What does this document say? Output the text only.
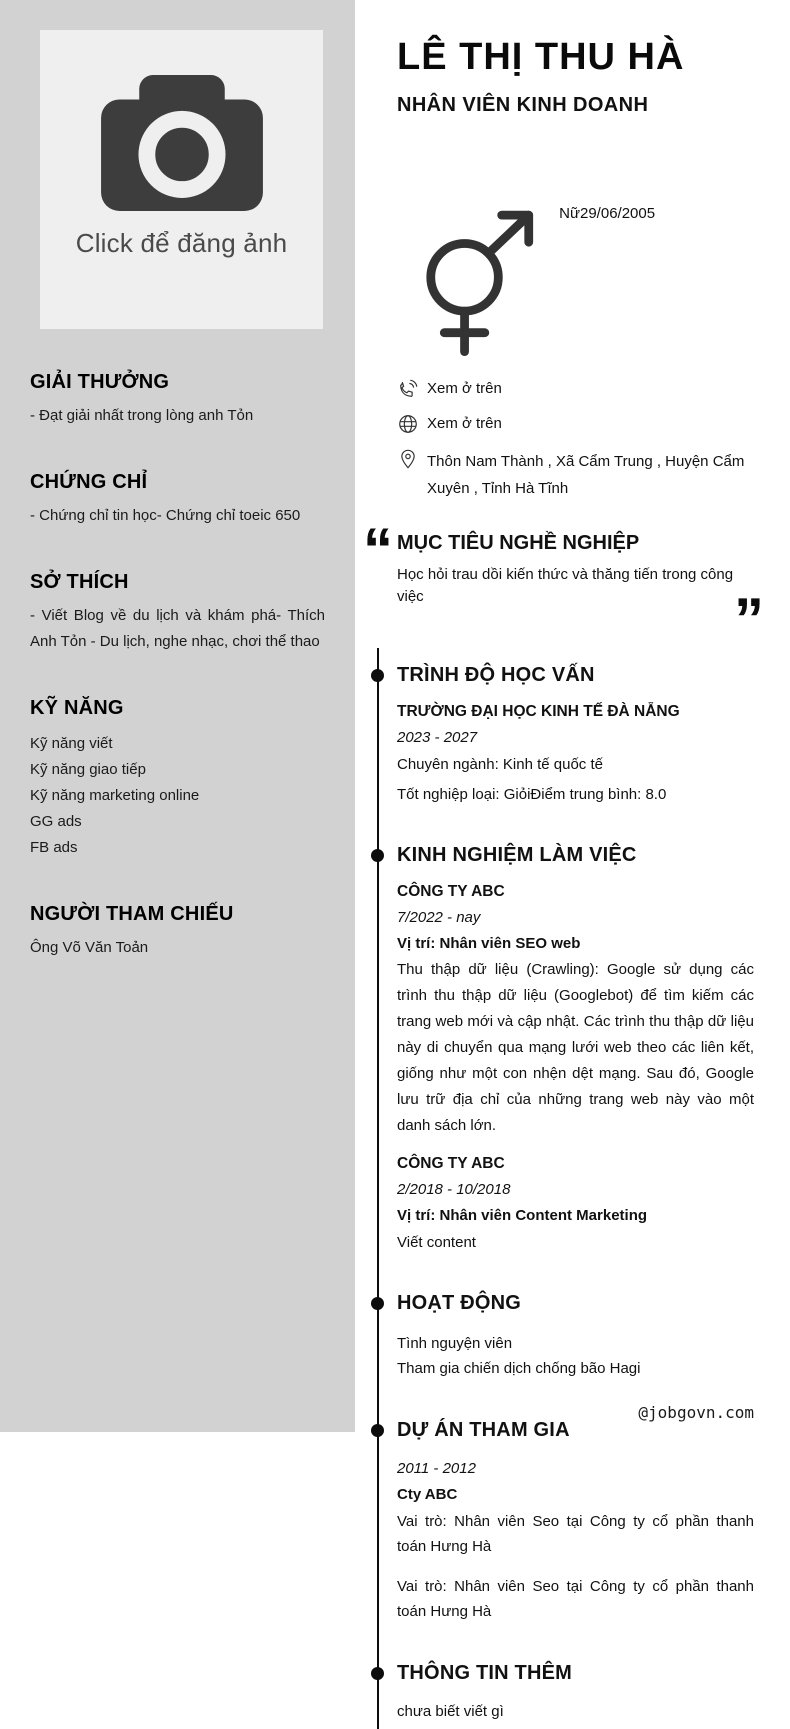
Click để đăng ảnh
GIẢI THƯỞNG

- Đạt giải nhất trong lòng anh Tỏn

CHỨNG CHỈ

- Chứng chỉ tin học- Chứng chỉ toeic 650

SỞ THÍCH

- Viết Blog về du lịch và khám phá- Thích Anh Tỏn - Du lịch, nghe nhạc, chơi thể thao

KỸ NĂNG
Kỹ năng viết
Kỹ năng giao tiếp
Kỹ năng marketing online
GG ads
FB ads
NGƯỜI THAM CHIẾU

Ông Võ Văn Toản

LÊ THỊ THU HÀ
NHÂN VIÊN KINH DOANH
Nữ 29/06/2005
Xem ở trên
Xem ở trên
Thôn Nam Thành , Xã Cẩm Trung , Huyện Cẩm Xuyên , Tỉnh Hà Tĩnh
“ MỤC TIÊU NGHỀ NGHIỆP

Học hỏi trau dồi kiến thức và thăng tiến trong công việc	”
TRÌNH ĐỘ HỌC VẤN
TRƯỜNG ĐẠI HỌC KINH TẾ ĐÀ NẴNG
2023 - 2027
Chuyên ngành: Kinh tế quốc tế
Tốt nghiệp loại: GiỏiĐiểm trung bình: 8.0
KINH NGHIỆM LÀM VIỆC
CÔNG TY ABC
7/2022 - nay
Vị trí: Nhân viên SEO web

Thu thập dữ liệu (Crawling): Google sử dụng các trình thu thập dữ liệu (Googlebot) để tìm kiếm các trang web mới và cập nhật. Các trình thu thập dữ liệu này di chuyển qua mạng lưới web theo các liên kết, giống như một con nhện dệt mạng. Sau đó, Google lưu trữ địa chỉ của những trang web này vào một danh sách lớn.

CÔNG TY ABC
2/2018 - 10/2018
Vị trí: Nhân viên Content Marketing
Viết content
HOẠT ĐỘNG
Tình nguyện viên
Tham gia chiến dịch chống bão Hagi
DỰ ÁN THAM GIA
2011 - 2012
Cty ABC

Vai trò: Nhân viên Seo tại Công ty cổ phần thanh toán Hưng Hà

Vai trò: Nhân viên Seo tại Công ty cổ phần thanh toán Hưng Hà

THÔNG TIN THÊM
chưa biết viết gì
@jobgovn.com
